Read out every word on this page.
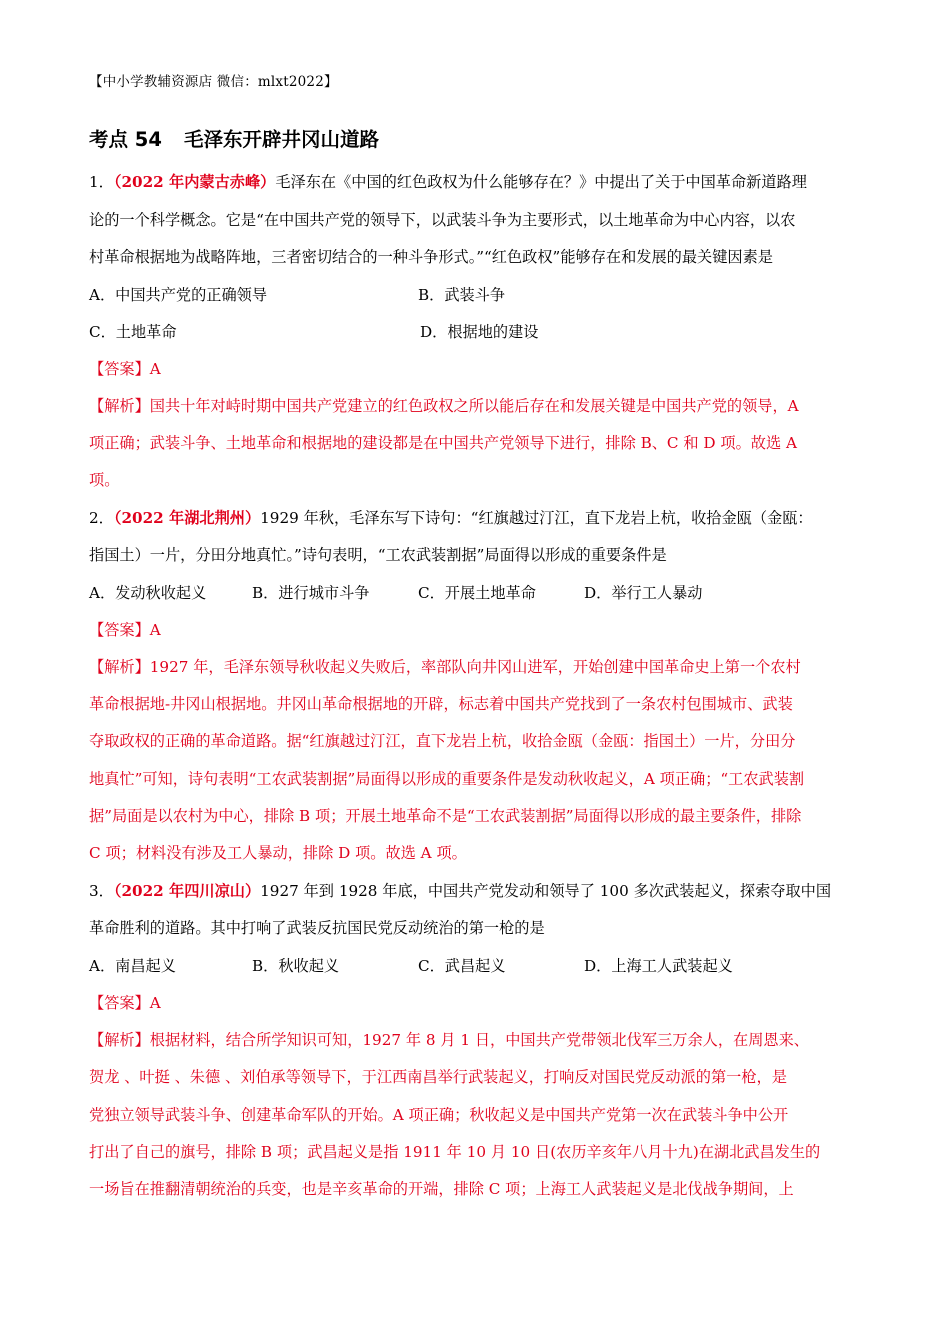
【中小学教辅资源店 微信：mlxt2022】
考点 54 毛泽东开辟井冈山道路
1．（2022 年内蒙古赤峰）毛泽东在《中国的红色政权为什么能够存在？》中提出了关于中国革命新道路理
论的一个科学概念。它是“在中国共产党的领导下，以武装斗争为主要形式，以土地革命为中心内容，以农
村革命根据地为战略阵地，三者密切结合的一种斗争形式。”“红色政权”能够存在和发展的最关键因素是
A．中国共产党的正确领导	B．武装斗争
C．土地革命	D．根据地的建设
【答案】A
【解析】国共十年对峙时期中国共产党建立的红色政权之所以能后存在和发展关键是中国共产党的领导，A
项正确；武装斗争、土地革命和根据地的建设都是在中国共产党领导下进行，排除 B、C 和 D 项。故选 A
项。
2．（2022 年湖北荆州）1929 年秋，毛泽东写下诗句：“红旗越过汀江，直下龙岩上杭，收拾金瓯（金瓯：
指国土）一片，分田分地真忙。”诗句表明，“工农武装割据”局面得以形成的重要条件是
A．发动秋收起义	B．进行城市斗争	C．开展土地革命	D．举行工人暴动
【答案】A
【解析】1927 年，毛泽东领导秋收起义失败后，率部队向井冈山进军，开始创建中国革命史上第一个农村
革命根据地-井冈山根据地。井冈山革命根据地的开辟，标志着中国共产党找到了一条农村包围城市、武装
夺取政权的正确的革命道路。据“红旗越过汀江，直下龙岩上杭，收拾金瓯（金瓯：指国土）一片，分田分
地真忙”可知，诗句表明“工农武装割据”局面得以形成的重要条件是发动秋收起义，A 项正确；“工农武装割
据”局面是以农村为中心，排除 B 项；开展土地革命不是“工农武装割据”局面得以形成的最主要条件，排除
C 项；材料没有涉及工人暴动，排除 D 项。故选 A 项。
3．（2022 年四川凉山）1927 年到 1928 年底，中国共产党发动和领导了 100 多次武装起义，探索夺取中国
革命胜利的道路。其中打响了武装反抗国民党反动统治的第一枪的是
A．南昌起义	B．秋收起义	C．武昌起义	D．上海工人武装起义
【答案】A
【解析】根据材料，结合所学知识可知，1927 年 8 月 1 日，中国共产党带领北伐军三万余人，在周恩来、
贺龙 、叶挺 、朱德 、刘伯承等领导下，于江西南昌举行武装起义，打响反对国民党反动派的第一枪，是
党独立领导武装斗争、创建革命军队的开始。A 项正确；秋收起义是中国共产党第一次在武装斗争中公开
打出了自己的旗号，排除 B 项；武昌起义是指 1911 年 10 月 10 日(农历辛亥年八月十九)在湖北武昌发生的
一场旨在推翻清朝统治的兵变，也是辛亥革命的开端，排除 C 项；上海工人武装起义是北伐战争期间，上
